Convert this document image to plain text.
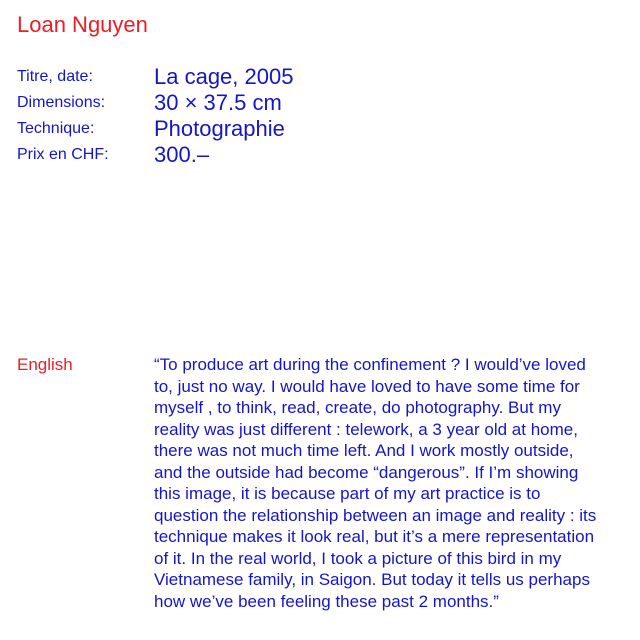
Loan Nguyen
Titre, date:	La cage, 2005
Dimensions: 30 × 37.5 cm
Technique:	Photographie
Prix en CHF: 300.–
English	“To produce art during the confinement ? I would’ve loved
to, just no way. I would have loved to have some time for
myself , to think, read, create, do photography. But my
reality was just different : telework, a 3 year old at home,
there was not much time left. And I work mostly outside,
and the outside had become “dangerous”. If I’m showing
this image, it is because part of my art practice is to
question the relationship between an image and reality : its
technique makes it look real, but it’s a mere representation
of it. In the real world, I took a picture of this bird in my
Vietnamese family, in Saigon. But today it tells us perhaps
how we’ve been feeling these past 2 months.”
